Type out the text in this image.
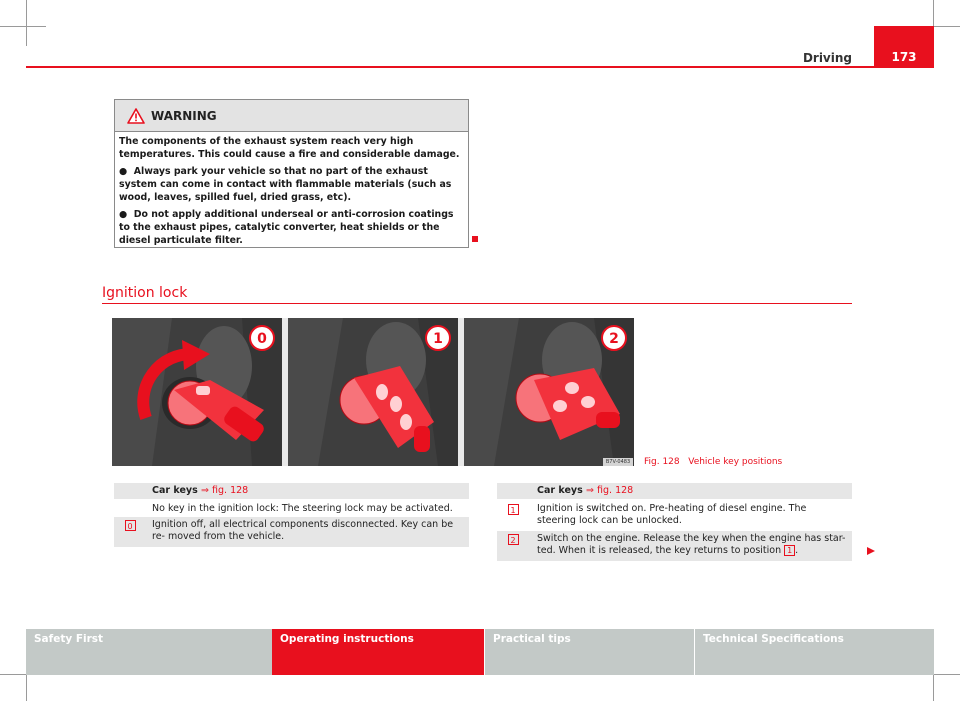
Driving	173
WARNING

The components of the exhaust system reach very high temperatures. This could cause a fire and considerable damage.

● Always park your vehicle so that no part of the exhaust system can come in contact with flammable materials (such as wood, leaves, spilled fuel, dried grass, etc).

● Do not apply additional underseal or anti-corrosion coatings to the exhaust pipes, catalytic converter, heat shields or the diesel particulate filter.

Ignition lock
0	1	2
B7V-0483	Fig. 128 Vehicle key positions
Car keys ⇒ fig. 128
No key in the ignition lock: The steering lock may be activated.
0	Ignition off, all electrical components disconnected. Key can be re- moved from the vehicle.
Car keys ⇒ fig. 128
1	Ignition is switched on. Pre-heating of diesel engine. The steering lock can be unlocked.
2	Switch on the engine. Release the key when the engine has star- ted. When it is released, the key returns to position 1 .
Safety First	Operating instructions	Practical tips	Technical Specifications
